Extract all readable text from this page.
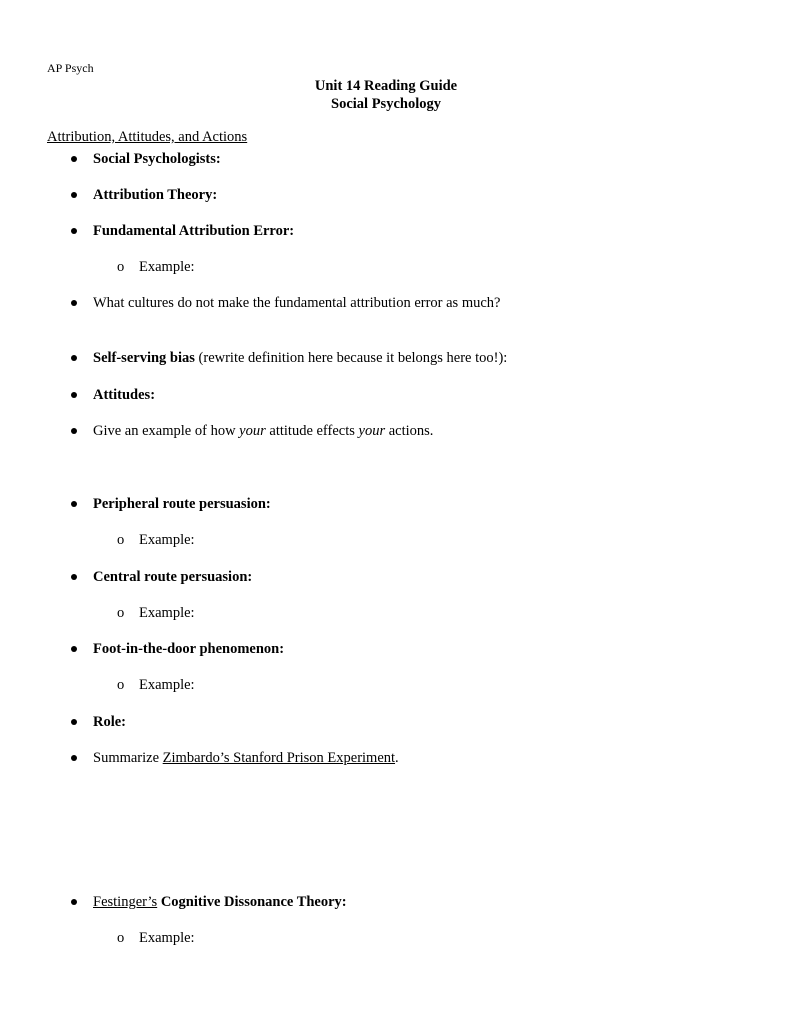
AP Psych
Unit 14 Reading Guide
Social Psychology
Attribution, Attitudes, and Actions
Social Psychologists:
Attribution Theory:
Fundamental Attribution Error:
o Example:
What cultures do not make the fundamental attribution error as much?
Self-serving bias (rewrite definition here because it belongs here too!):
Attitudes:
Give an example of how your attitude effects your actions.
Peripheral route persuasion:
o Example:
Central route persuasion:
o Example:
Foot-in-the-door phenomenon:
o Example:
Role:
Summarize Zimbardo’s Stanford Prison Experiment.
Festinger’s Cognitive Dissonance Theory:
o Example:
